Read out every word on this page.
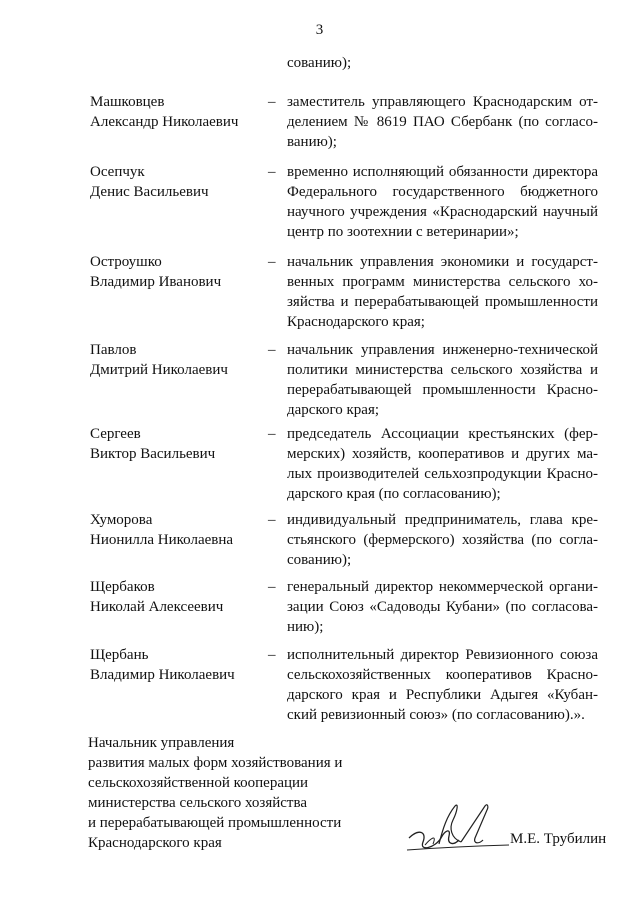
3
сованию);
Машковцев
Александр Николаевич
– заместитель управляющего Краснодарским от-
делением № 8619 ПАО Сбербанк (по согласо-
ванию);
Осепчук
Денис Васильевич
– временно исполняющий обязанности директора
Федерального государственного бюджетного
научного учреждения «Краснодарский научный
центр по зоотехнии с ветеринарии»;
Остроушко
Владимир Иванович
– начальник управления экономики и государст-
венных программ министерства сельского хо-
зяйства и перерабатывающей промышленности
Краснодарского края;
Павлов
Дмитрий Николаевич
– начальник управления инженерно-технической
политики министерства сельского хозяйства и
перерабатывающей промышленности Красно-
дарского края;
Сергеев
Виктор Васильевич
– председатель Ассоциации крестьянских (фер-
мерских) хозяйств, кооперативов и других ма-
лых производителей сельхозпродукции Красно-
дарского края (по согласованию);
Хуморова
Нионилла Николаевна
– индивидуальный предприниматель, глава кре-
стьянского (фермерского) хозяйства (по согла-
сованию);
Щербаков
Николай Алексеевич
– генеральный директор некоммерческой органи-
зации Союз «Садоводы Кубани» (по согласова-
нию);
Щербань
Владимир Николаевич
– исполнительный директор Ревизионного союза
сельскохозяйственных кооперативов Красно-
дарского края и Республики Адыгея «Кубан-
ский ревизионный союз» (по согласованию).».
Начальник управления
развития малых форм хозяйствования и
сельскохозяйственной кооперации
министерства сельского хозяйства
и перерабатывающей промышленности
Краснодарского края	М.Е. Трубилин
